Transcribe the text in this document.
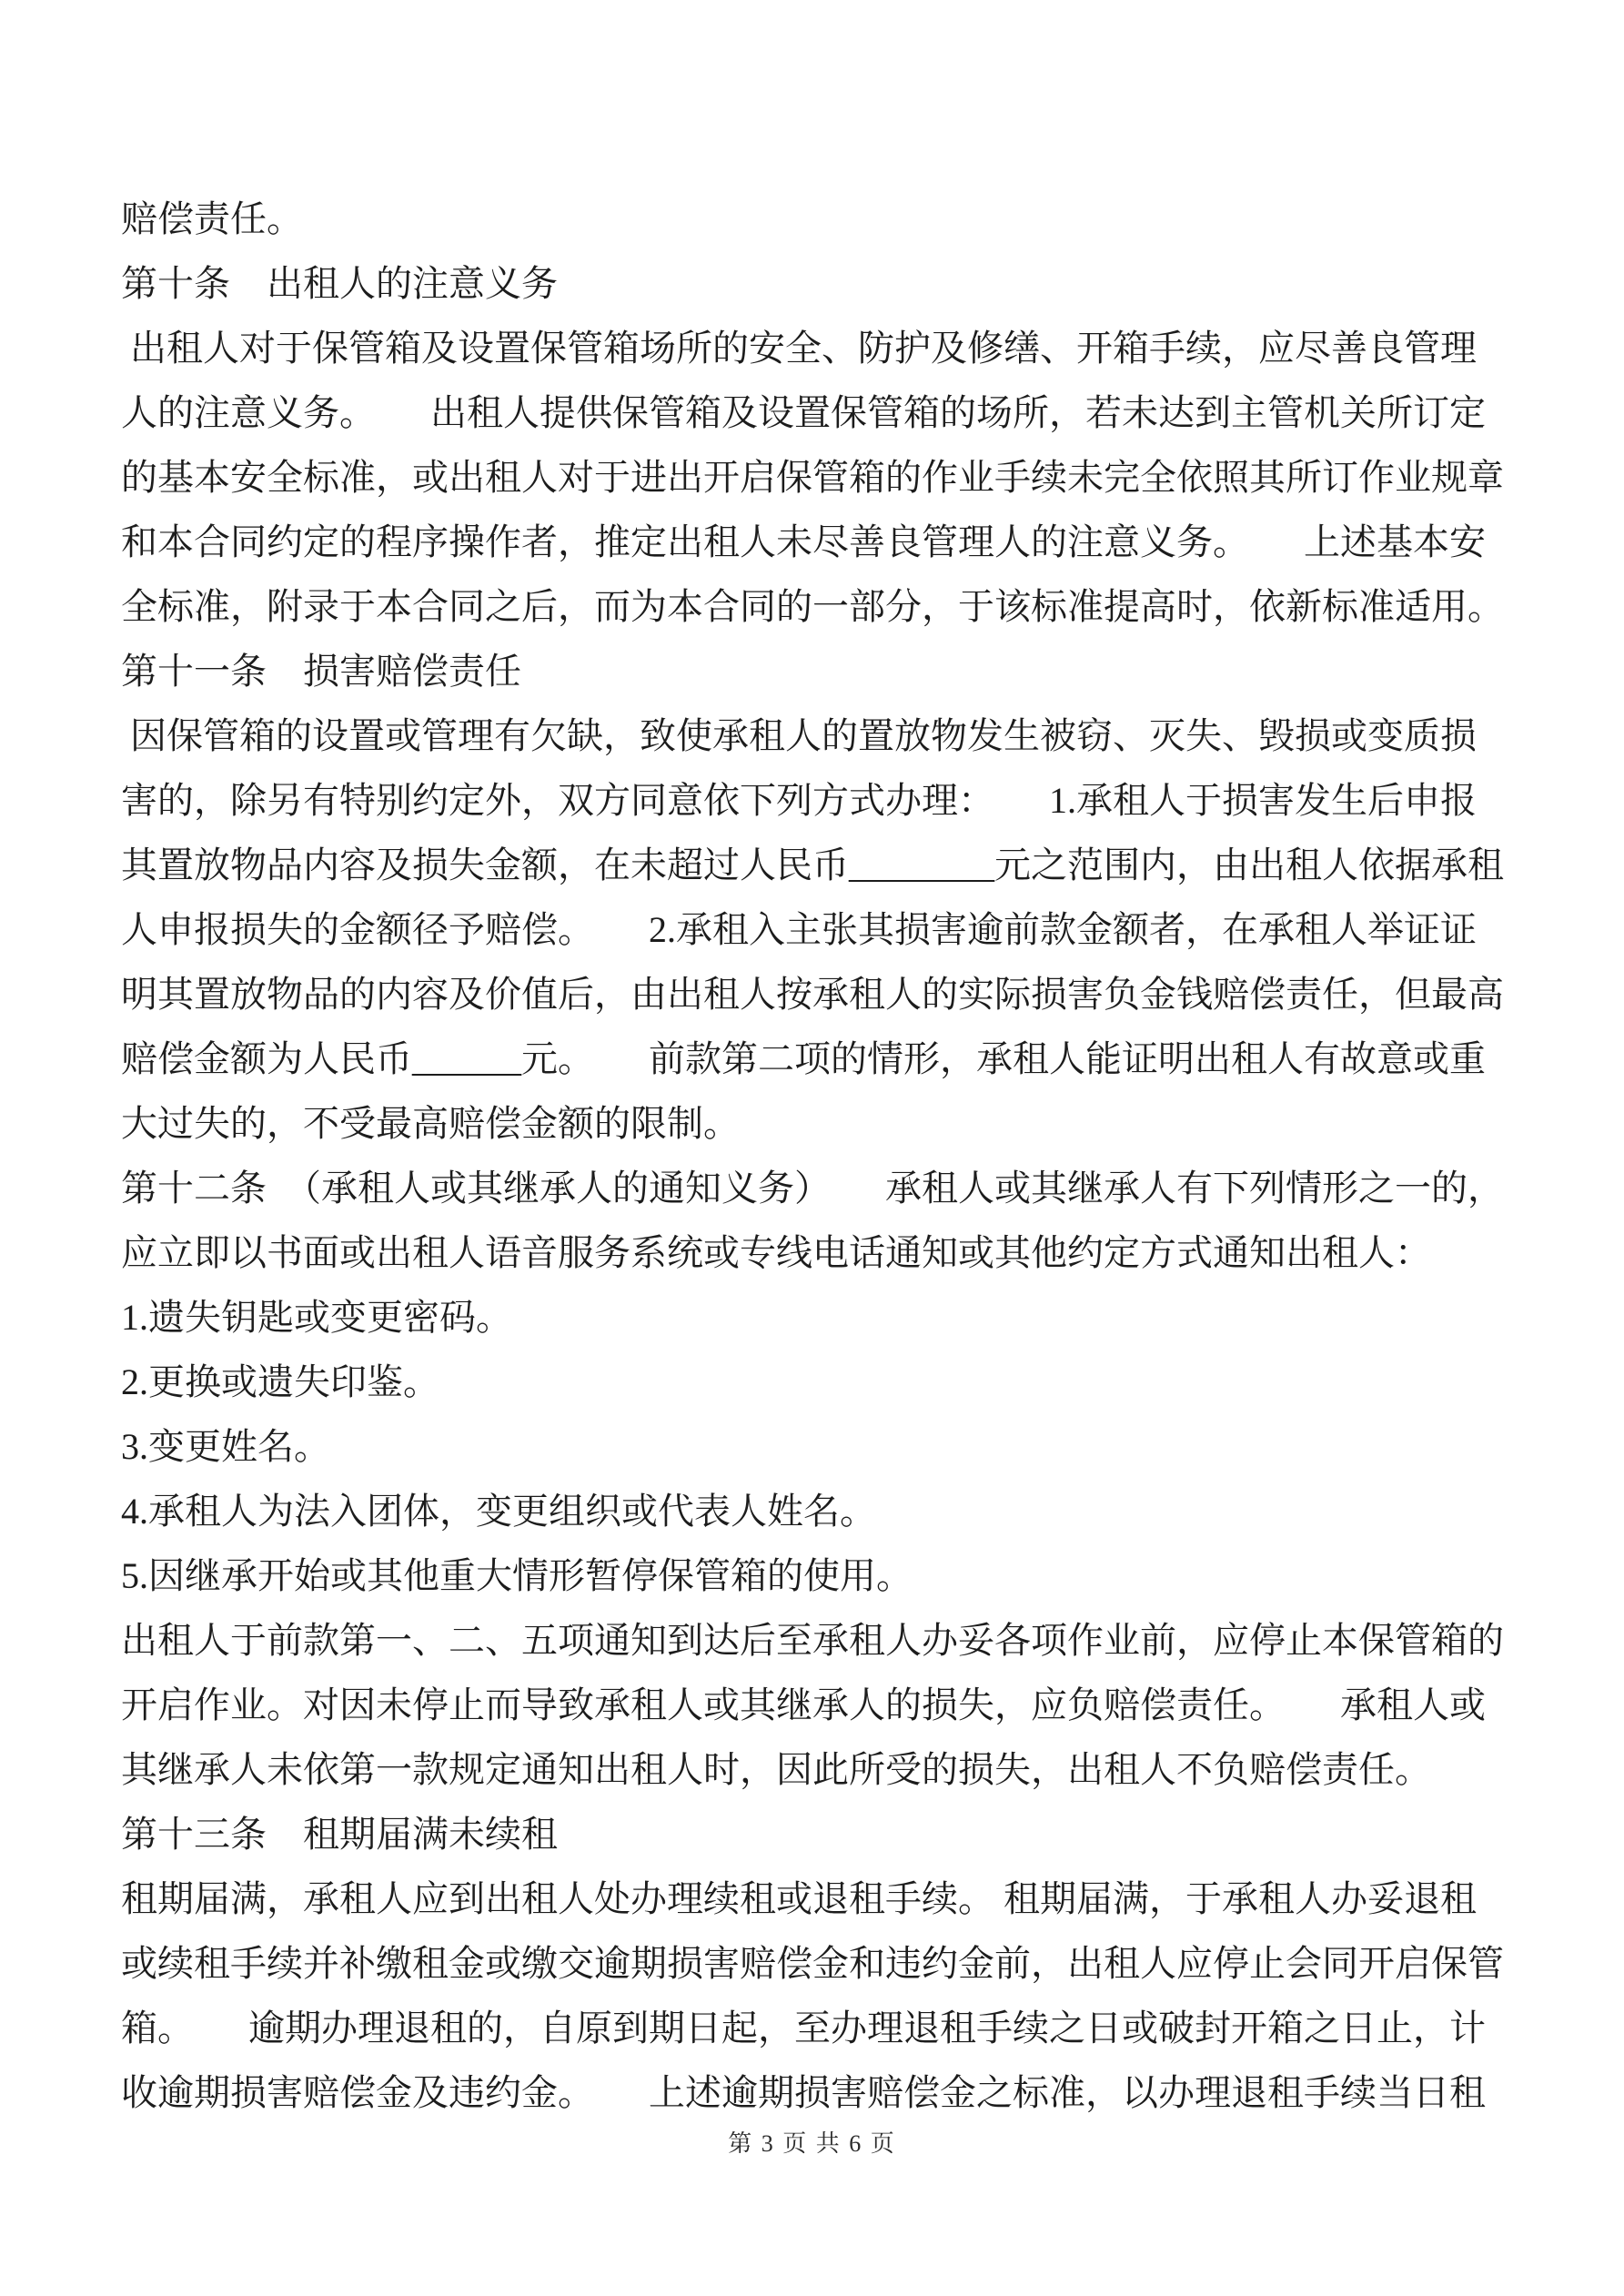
赔偿责任。
第十条　出租人的注意义务
出租人对于保管箱及设置保管箱场所的安全、防护及修缮、开箱手续，应尽善良管理
人的注意义务。　　出租人提供保管箱及设置保管箱的场所，若未达到主管机关所订定
的基本安全标准，或出租人对于进出开启保管箱的作业手续未完全依照其所订作业规章
和本合同约定的程序操作者，推定出租人未尽善良管理人的注意义务。　　上述基本安
全标准，附录于本合同之后，而为本合同的一部分，于该标准提高时，依新标准适用。
第十一条　损害赔偿责任
因保管箱的设置或管理有欠缺，致使承租人的置放物发生被窃、灭失、毁损或变质损
害的，除另有特别约定外，双方同意依下列方式办理：　　1.承租人于损害发生后申报
其置放物品内容及损失金额，在未超过人民币________元之范围内，由出租人依据承租
人申报损失的金额径予赔偿。　　2.承租入主张其损害逾前款金额者，在承租人举证证
明其置放物品的内容及价值后，由出租人按承租人的实际损害负金钱赔偿责任，但最高
赔偿金额为人民币______元。　　前款第二项的情形，承租人能证明出租人有故意或重
大过失的，不受最高赔偿金额的限制。
第十二条　（承租人或其继承人的通知义务）　　承租人或其继承人有下列情形之一的，
应立即以书面或出租人语音服务系统或专线电话通知或其他约定方式通知出租人：
1.遗失钥匙或变更密码。
2.更换或遗失印鉴。
3.变更姓名。
4.承租人为法入团体，变更组织或代表人姓名。
5.因继承开始或其他重大情形暂停保管箱的使用。
出租人于前款第一、二、五项通知到达后至承租人办妥各项作业前，应停止本保管箱的
开启作业。对因未停止而导致承租人或其继承人的损失，应负赔偿责任。　　承租人或
其继承人未依第一款规定通知出租人时，因此所受的损失，出租人不负赔偿责任。
第十三条　租期届满未续租
租期届满，承租人应到出租人处办理续租或退租手续。 租期届满，于承租人办妥退租
或续租手续并补缴租金或缴交逾期损害赔偿金和违约金前，出租人应停止会同开启保管
箱。　　逾期办理退租的，自原到期日起，至办理退租手续之日或破封开箱之日止，计
收逾期损害赔偿金及违约金。　　上述逾期损害赔偿金之标准，以办理退租手续当日租
第 3 页 共 6 页
